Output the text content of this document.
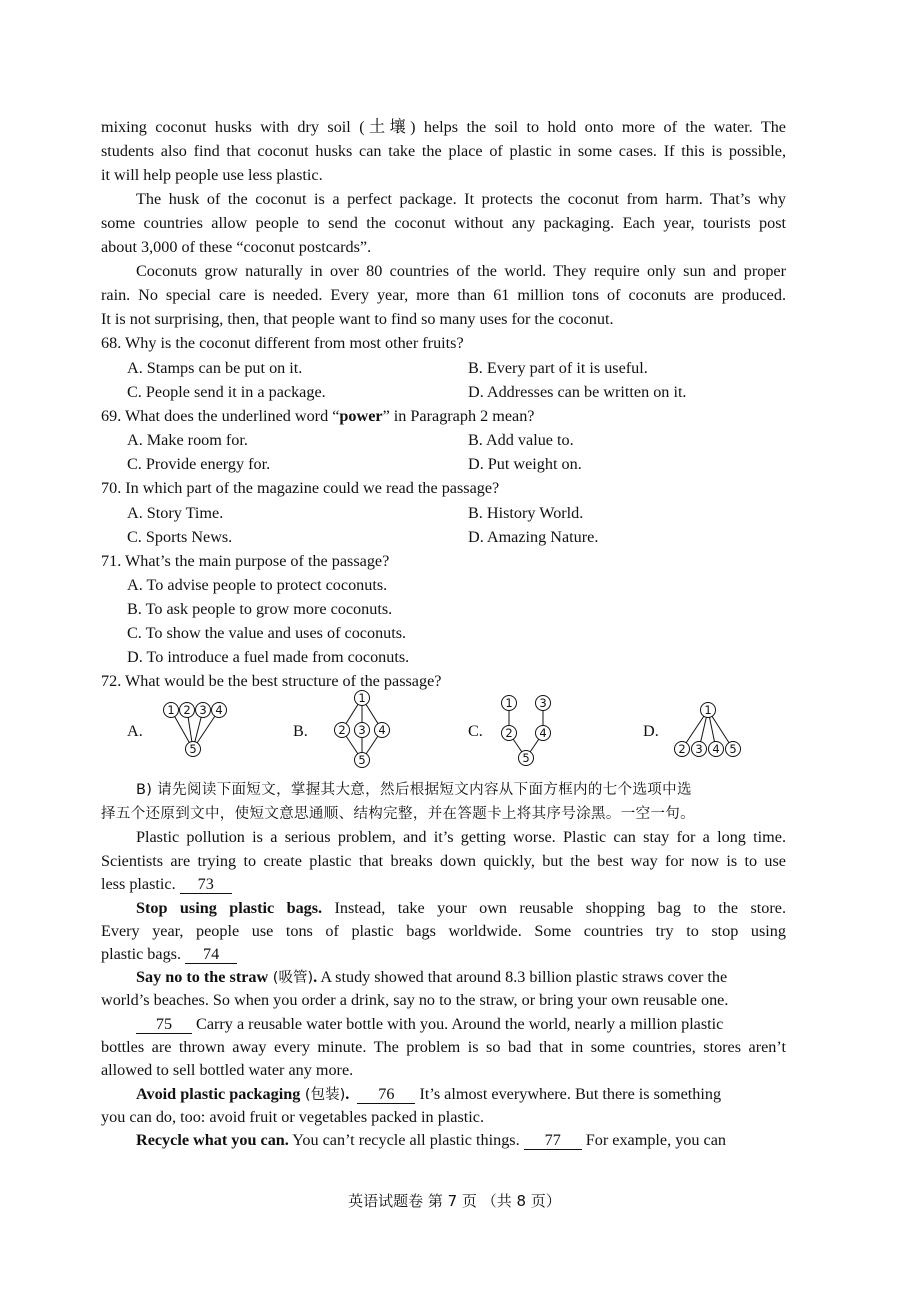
mixing coconut husks with dry soil (土壤) helps the soil to hold onto more of the water. The
students also find that coconut husks can take the place of plastic in some cases. If this is possible,
it will help people use less plastic.
The husk of the coconut is a perfect package. It protects the coconut from harm. That’s why
some countries allow people to send the coconut without any packaging. Each year, tourists post
about 3,000 of these “coconut postcards”.
Coconuts grow naturally in over 80 countries of the world. They require only sun and proper
rain. No special care is needed. Every year, more than 61 million tons of coconuts are produced.
It is not surprising, then, that people want to find so many uses for the coconut.
68. Why is the coconut different from most other fruits?
A. Stamps can be put on it.	B. Every part of it is useful.
C. People send it in a package.	D. Addresses can be written on it.
69. What does the underlined word “power” in Paragraph 2 mean?
A. Make room for.	B. Add value to.
C. Provide energy for.	D. Put weight on.
70. In which part of the magazine could we read the passage?
A. Story Time.	B. History World.
C. Sports News.	D. Amazing Nature.
71. What’s the main purpose of the passage?
A. To advise people to protect coconuts.
B. To ask people to grow more coconuts.
C. To show the value and uses of coconuts.
D. To introduce a fuel made from coconuts.
72. What would be the best structure of the passage?
A.	B.	C.	D.
1 2 3 4
5
1
2 3 4
5
1
2
3
4
5
1
2 3 4 5
B) 请先阅读下面短文，掌握其大意，然后根据短文内容从下面方框内的七个选项中选
择五个还原到文中，使短文意思通顺、结构完整，并在答题卡上将其序号涂黑。一空一句。
Plastic pollution is a serious problem, and it’s getting worse. Plastic can stay for a long time.
Scientists are trying to create plastic that breaks down quickly, but the best way for now is to use
less plastic. 73
Stop using plastic bags. Instead, take your own reusable shopping bag to the store.
Every year, people use tons of plastic bags worldwide. Some countries try to stop using
plastic bags. 74
Say no to the straw (吸管). A study showed that around 8.3 billion plastic straws cover the
world’s beaches. So when you order a drink, say no to the straw, or bring your own reusable one.
75 Carry a reusable water bottle with you. Around the world, nearly a million plastic
bottles are thrown away every minute. The problem is so bad that in some countries, stores aren’t
allowed to sell bottled water any more.
Avoid plastic packaging (包装). 76 It’s almost everywhere. But there is something
you can do, too: avoid fruit or vegetables packed in plastic.
Recycle what you can. You can’t recycle all plastic things. 77 For example, you can
英语试题卷 第 7 页 （共 8 页）
